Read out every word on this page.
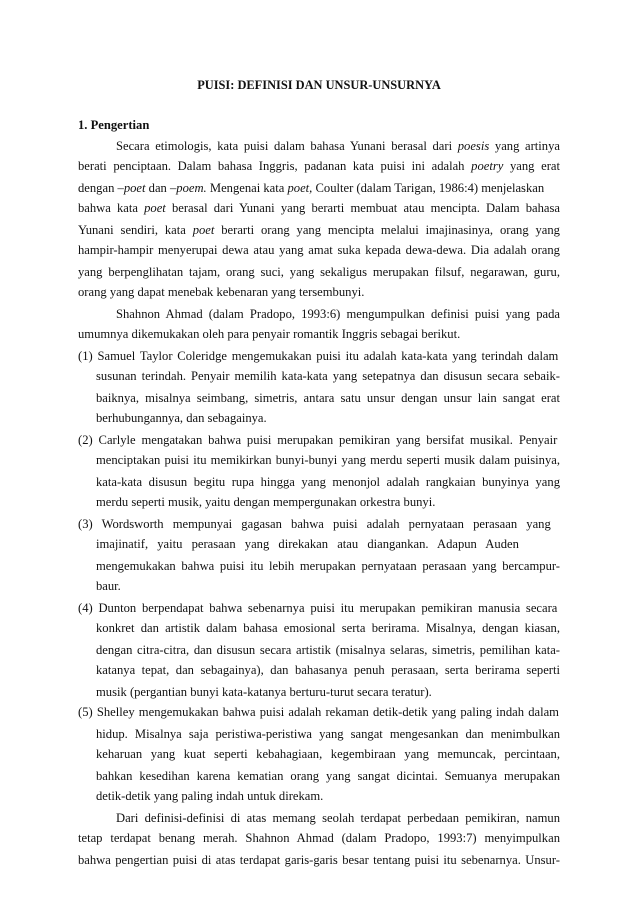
PUISI: DEFINISI DAN UNSUR-UNSURNYA
1. Pengertian
Secara etimologis, kata puisi dalam bahasa Yunani berasal dari poesis yang artinya
berati penciptaan. Dalam bahasa Inggris, padanan kata puisi ini adalah poetry yang erat
dengan –poet dan –poem. Mengenai kata poet, Coulter (dalam Tarigan, 1986:4) menjelaskan
bahwa kata poet berasal dari Yunani yang berarti membuat atau mencipta. Dalam bahasa
Yunani sendiri, kata poet berarti orang yang mencipta melalui imajinasinya, orang yang
hampir-hampir menyerupai dewa atau yang amat suka kepada dewa-dewa. Dia adalah orang
yang berpenglihatan tajam, orang suci, yang sekaligus merupakan filsuf, negarawan, guru,
orang yang dapat menebak kebenaran yang tersembunyi.
Shahnon Ahmad (dalam Pradopo, 1993:6) mengumpulkan definisi puisi yang pada
umumnya dikemukakan oleh para penyair romantik Inggris sebagai berikut.
(1) Samuel Taylor Coleridge mengemukakan puisi itu adalah kata-kata yang terindah dalam
susunan terindah. Penyair memilih kata-kata yang setepatnya dan disusun secara sebaik-
baiknya, misalnya seimbang, simetris, antara satu unsur dengan unsur lain sangat erat
berhubungannya, dan sebagainya.
(2) Carlyle mengatakan bahwa puisi merupakan pemikiran yang bersifat musikal. Penyair
menciptakan puisi itu memikirkan bunyi-bunyi yang merdu seperti musik dalam puisinya,
kata-kata disusun begitu rupa hingga yang menonjol adalah rangkaian bunyinya yang
merdu seperti musik, yaitu dengan mempergunakan orkestra bunyi.
(3) Wordsworth mempunyai gagasan bahwa puisi adalah pernyataan perasaan yang
imajinatif, yaitu perasaan yang direkakan atau diangankan. Adapun Auden
mengemukakan bahwa puisi itu lebih merupakan pernyataan perasaan yang bercampur-
baur.
(4) Dunton berpendapat bahwa sebenarnya puisi itu merupakan pemikiran manusia secara
konkret dan artistik dalam bahasa emosional serta berirama. Misalnya, dengan kiasan,
dengan citra-citra, dan disusun secara artistik (misalnya selaras, simetris, pemilihan kata-
katanya tepat, dan sebagainya), dan bahasanya penuh perasaan, serta berirama seperti
musik (pergantian bunyi kata-katanya berturu-turut secara teratur).
(5) Shelley mengemukakan bahwa puisi adalah rekaman detik-detik yang paling indah dalam
hidup. Misalnya saja peristiwa-peristiwa yang sangat mengesankan dan menimbulkan
keharuan yang kuat seperti kebahagiaan, kegembiraan yang memuncak, percintaan,
bahkan kesedihan karena kematian orang yang sangat dicintai. Semuanya merupakan
detik-detik yang paling indah untuk direkam.
Dari definisi-definisi di atas memang seolah terdapat perbedaan pemikiran, namun
tetap terdapat benang merah. Shahnon Ahmad (dalam Pradopo, 1993:7) menyimpulkan
bahwa pengertian puisi di atas terdapat garis-garis besar tentang puisi itu sebenarnya. Unsur-
